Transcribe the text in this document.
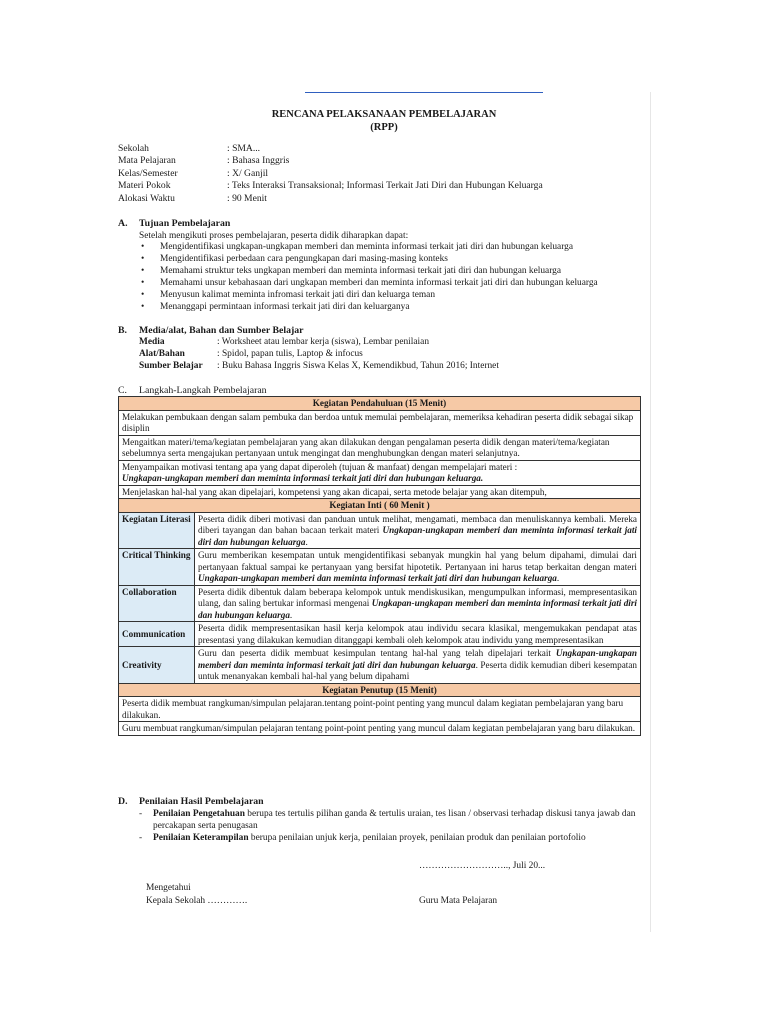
RENCANA PELAKSANAAN PEMBELAJARAN
(RPP)
Sekolah	: SMA...
Mata Pelajaran	: Bahasa Inggris
Kelas/Semester	: X/ Ganjil
Materi Pokok	: Teks Interaksi Transaksional; Informasi Terkait Jati Diri dan Hubungan Keluarga
Alokasi Waktu	: 90 Menit
A. Tujuan Pembelajaran
Setelah mengikuti proses pembelajaran, peserta didik diharapkan dapat:
• Mengidentifikasi ungkapan-ungkapan memberi dan meminta informasi terkait jati diri dan hubungan keluarga
• Mengidentifikasi perbedaan cara pengungkapan dari masing-masing konteks
• Memahami struktur teks ungkapan memberi dan meminta informasi terkait jati diri dan hubungan keluarga
• Memahami unsur kebahasaan dari ungkapan memberi dan meminta informasi terkait jati diri dan hubungan keluarga
• Menyusun kalimat meminta infromasi terkait jati diri dan keluarga teman
• Menanggapi permintaan informasi terkait jati diri dan keluarganya
B. Media/alat, Bahan dan Sumber Belajar
Media	: Worksheet atau lembar kerja (siswa), Lembar penilaian
Alat/Bahan	: Spidol, papan tulis, Laptop & infocus
Sumber Belajar	: Buku Bahasa Inggris Siswa Kelas X, Kemendikbud, Tahun 2016; Internet
C. Langkah-Langkah Pembelajaran
Kegiatan Pendahuluan (15 Menit)	
Melakukan pembukaan dengan salam pembuka dan berdoa untuk memulai pembelajaran, memeriksa kehadiran peserta didik sebagai sikap disiplin	
Mengaitkan materi/tema/kegiatan pembelajaran yang akan dilakukan dengan pengalaman peserta didik dengan materi/tema/kegiatan sebelumnya serta mengajukan pertanyaan untuk mengingat dan menghubungkan dengan materi selanjutnya.	
Menyampaikan motivasi tentang apa yang dapat diperoleh (tujuan & manfaat) dengan mempelajari materi :
Ungkapan-ungkapan memberi dan meminta informasi terkait jati diri dan hubungan keluarga.	
Menjelaskan hal-hal yang akan dipelajari, kompetensi yang akan dicapai, serta metode belajar yang akan ditempuh,	
Kegiatan Inti ( 60 Menit )	
Kegiatan Literasi	Peserta didik diberi motivasi dan panduan untuk melihat, mengamati, membaca dan menuliskannya kembali. Mereka diberi tayangan dan bahan bacaan terkait materi Ungkapan-ungkapan memberi dan meminta informasi terkait jati diri dan hubungan keluarga.
Critical Thinking	Guru memberikan kesempatan untuk mengidentifikasi sebanyak mungkin hal yang belum dipahami, dimulai dari pertanyaan faktual sampai ke pertanyaan yang bersifat hipotetik. Pertanyaan ini harus tetap berkaitan dengan materi Ungkapan-ungkapan memberi dan meminta informasi terkait jati diri dan hubungan keluarga.
Collaboration	Peserta didik dibentuk dalam beberapa kelompok untuk mendiskusikan, mengumpulkan informasi, mempresentasikan ulang, dan saling bertukar informasi mengenai Ungkapan-ungkapan memberi dan meminta informasi terkait jati diri dan hubungan keluarga.
Communication	Peserta didik mempresentasikan hasil kerja kelompok atau individu secara klasikal, mengemukakan pendapat atas presentasi yang dilakukan kemudian ditanggapi kembali oleh kelompok atau individu yang mempresentasikan
Creativity	Guru dan peserta didik membuat kesimpulan tentang hal-hal yang telah dipelajari terkait Ungkapan-ungkapan memberi dan meminta informasi terkait jati diri dan hubungan keluarga. Peserta didik kemudian diberi kesempatan untuk menanyakan kembali hal-hal yang belum dipahami
Kegiatan Penutup (15 Menit)	
Peserta didik membuat rangkuman/simpulan pelajaran.tentang point-point penting yang muncul dalam kegiatan pembelajaran yang baru dilakukan.	
Guru membuat rangkuman/simpulan pelajaran tentang point-point penting yang muncul dalam kegiatan pembelajaran yang baru dilakukan.	
D. Penilaian Hasil Pembelajaran
- Penilaian Pengetahuan berupa tes tertulis pilihan ganda & tertulis uraian, tes lisan / observasi terhadap diskusi tanya jawab dan percakapan serta penugasan
- Penilaian Keterampilan berupa penilaian unjuk kerja, penilaian proyek, penilaian produk dan penilaian portofolio
……………………….., Juli 20...
Mengetahui
Kepala Sekolah ………….	Guru Mata Pelajaran
